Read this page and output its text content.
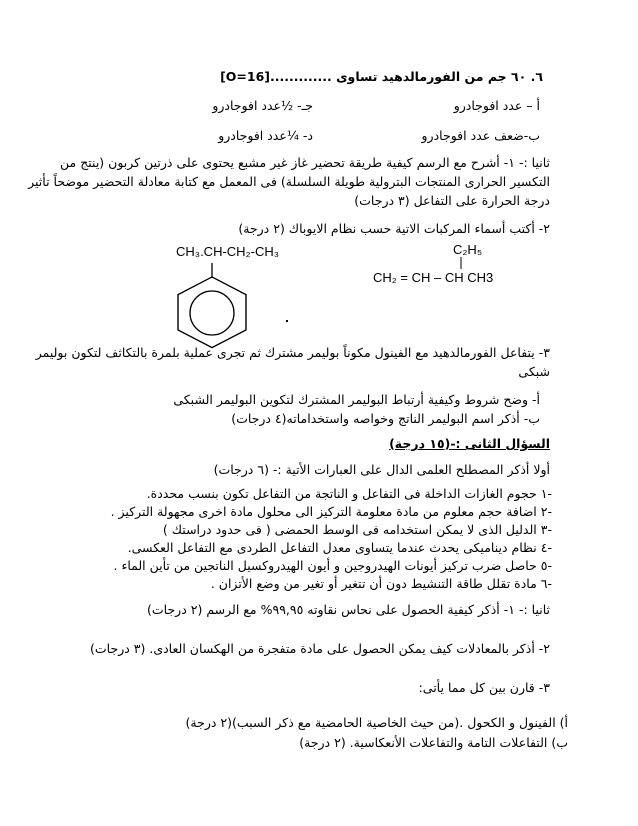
٦. ٦٠ جم من الفورمالدهيد تساوى .............[O=16]
أ – عدد افوجادرو
جـ- ½عدد افوجادرو
ب-ضعف عدد افوجادرو
د- ¼عدد افوجادرو
ثانيا :- ١- أشرح مع الرسم كيفية طريقة تحضير غاز غير مشبع يحتوى على ذرتين كربون (ينتج من
التكسير الحرارى المنتجات البترولية طويلة السلسلة) فى المعمل مع كتابة معادلة التحضير موضحاً تأثير
درجة الحرارة على التفاعل (٣ درجات)
٢- أكتب أسماء المركبات الاتية حسب نظام الايوباك (٢ درجة)
CH₃.CH-CH₂-CH₃	C₂H₅
CH₂ = CH – CH CH3
٣- يتفاعل الفورمالدهيد مع الفينول مكوناً بوليمر مشترك ثم تجرى عملية بلمرة بالتكاثف لتكون بوليمر
شبكى
أ- وضح شروط وكيفية أرتباط البوليمر المشترك لتكوين البوليمر الشبكى
ب- أذكر اسم البوليمر الناتج وخواصه واستخداماته(٤ درجات)
السؤال الثانى :-(١٥ درجة)
أولا أذكر المصطلح العلمى الدال على العبارات الأتية :- (٦ درجات)
-١ حجوم الغازات الداخلة فى التفاعل و الناتجة من التفاعل تكون بنسب محددة.
-٢ اضافة حجم معلوم من مادة معلومة التركيز الى محلول مادة اخرى مجهولة التركيز .
-٣ الدليل الذى لا يمكن استخدامه فى الوسط الحمضى ( فى حدود دراستك )
-٤ نظام ديناميكى يحدث عندما يتساوى معدل التفاعل الطردى مع التفاعل العكسى.
-٥ حاصل ضرب تركيز أيونات الهيدروجين و أيون الهيدروكسيل الناتجين من تأين الماء .
-٦ مادة تقلل طاقة التنشيط دون أن تتغير أو تغير من وضع الأتزان .
ثانيا :- ١- أذكر كيفية الحصول على نحاس نقاوته ٩٩,٩٥% مع الرسم (٢ درجات)
٢- أذكر بالمعادلات كيف يمكن الحصول على مادة متفجرة من الهكسان العادى. (٣ درجات)
٣- قارن بين كل مما يأتى:
أ) الفينول و الكحول .(من حيث الخاصية الحامضية مع ذكر السبب)(٢ درجة)
ب) التفاعلات التامة والتفاعلات الأنعكاسية. (٢ درجة)
